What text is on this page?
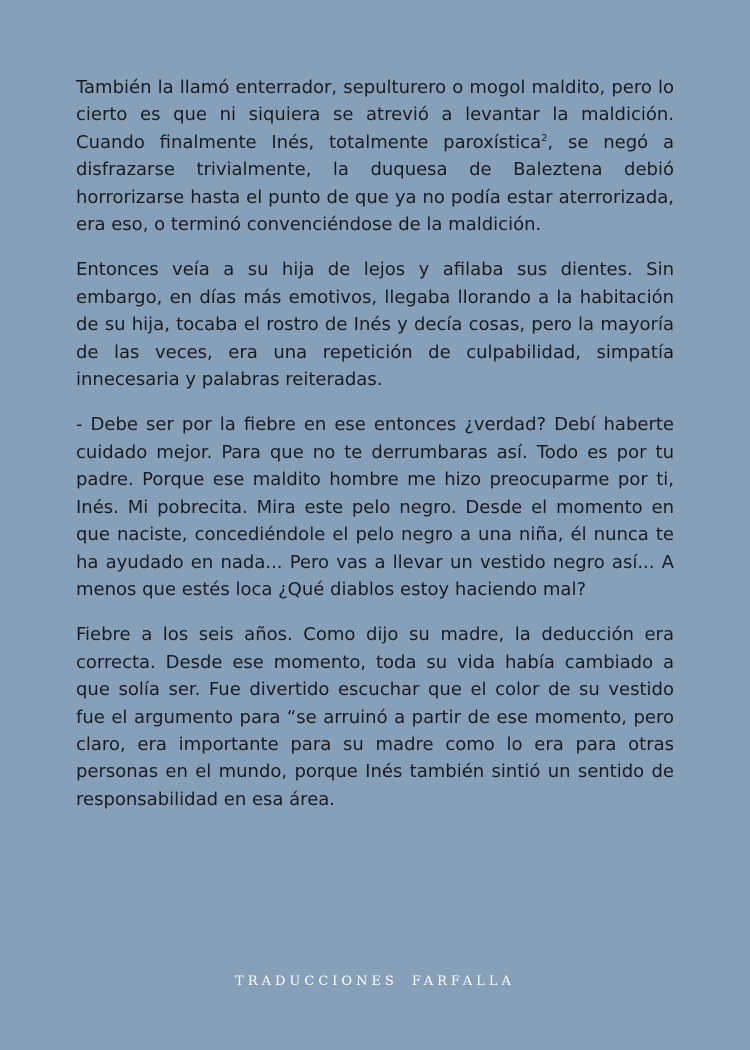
También la llamó enterrador, sepulturero o mogol maldito, pero lo cierto es que ni siquiera se atrevió a levantar la maldición. Cuando finalmente Inés, totalmente paroxística$^2$, se negó a disfrazarse trivialmente, la duquesa de Baleztena debió horrorizarse hasta el punto de que ya no podía estar aterrorizada, era eso, o terminó convenciéndose de la maldición.

Entonces veía a su hija de lejos y afilaba sus dientes. Sin embargo, en días más emotivos, llegaba llorando a la habitación de su hija, tocaba el rostro de Inés y decía cosas, pero la mayoría de las veces, era una repetición de culpabilidad, simpatía innecesaria y palabras reiteradas.

- Debe ser por la fiebre en ese entonces ¿verdad? Debí haberte cuidado mejor. Para que no te derrumbaras así. Todo es por tu padre. Porque ese maldito hombre me hizo preocuparme por ti, Inés. Mi pobrecita. Mira este pelo negro. Desde el momento en que naciste, concediéndole el pelo negro a una niña, él nunca te ha ayudado en nada... Pero vas a llevar un vestido negro así... A menos que estés loca ¿Qué diablos estoy haciendo mal?

Fiebre a los seis años. Como dijo su madre, la deducción era correcta. Desde ese momento, toda su vida había cambiado a que solía ser. Fue divertido escuchar que el color de su vestido fue el argumento para “se arruinó a partir de ese momento, pero claro, era importante para su madre como lo era para otras personas en el mundo, porque Inés también sintió un sentido de responsabilidad en esa área.

TRADUCCIONES FARFALLA
